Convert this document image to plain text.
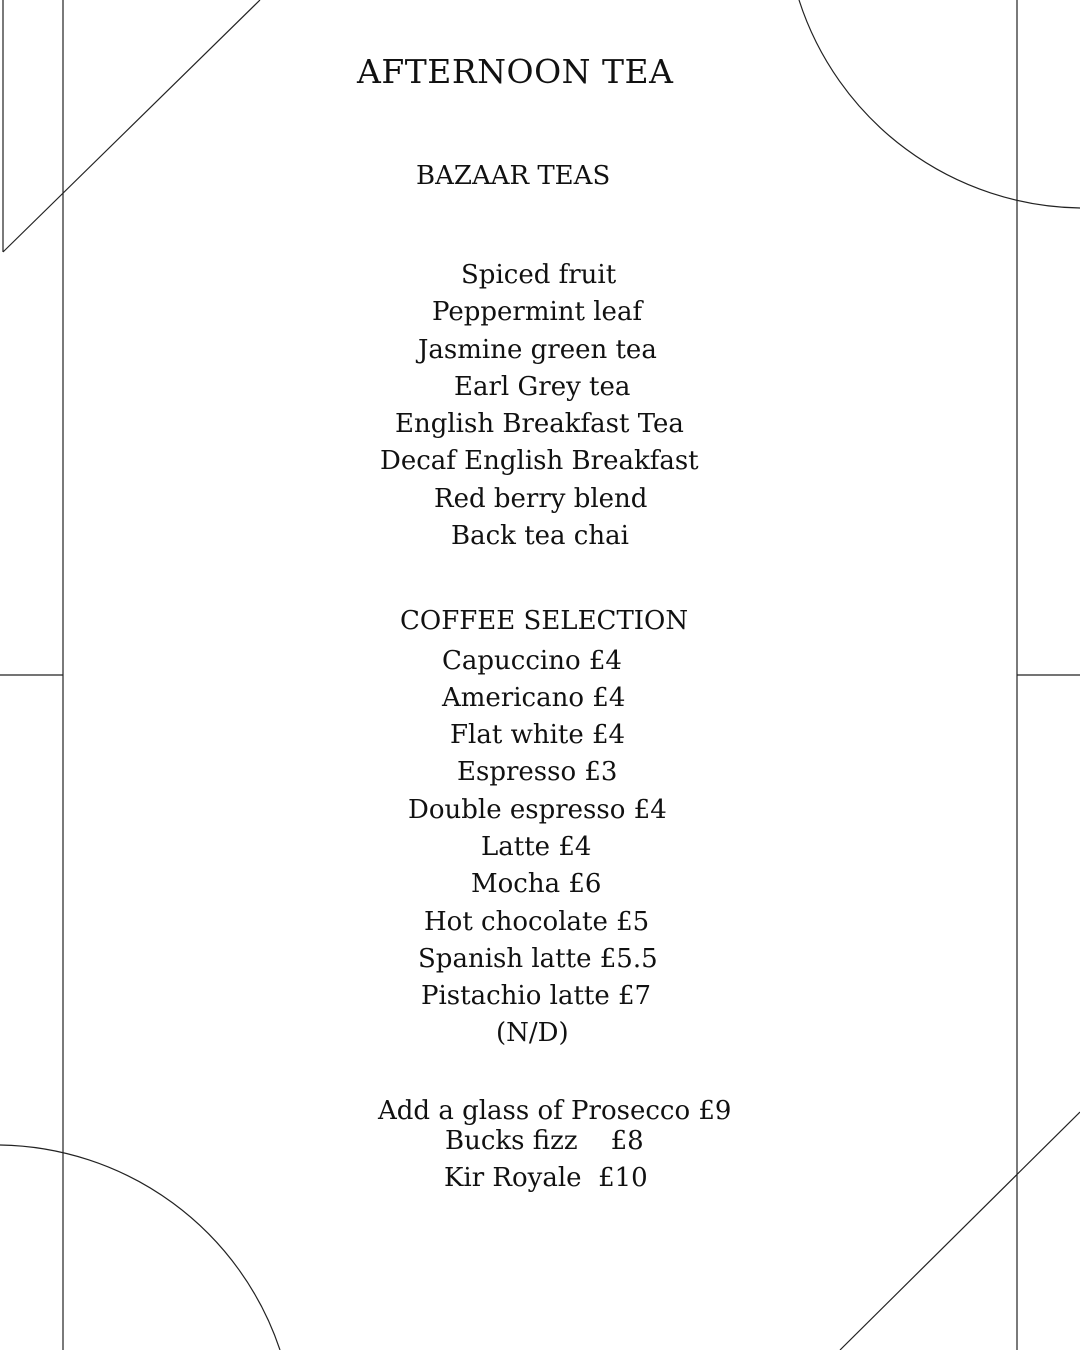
AFTERNOON TEA
BAZAAR TEAS
Spiced fruit
Peppermint leaf
Jasmine green tea
Earl Grey tea
English Breakfast Tea
Decaf English Breakfast
Red berry blend
Back tea chai
COFFEE SELECTION
Capuccino £4
Americano £4
Flat white £4
Espresso £3
Double espresso £4
Latte £4
Mocha £6
Hot chocolate £5
Spanish latte £5.5
Pistachio latte £7
(N/D)
Add a glass of Prosecco £9
Bucks fizz    £8
Kir Royale  £10
